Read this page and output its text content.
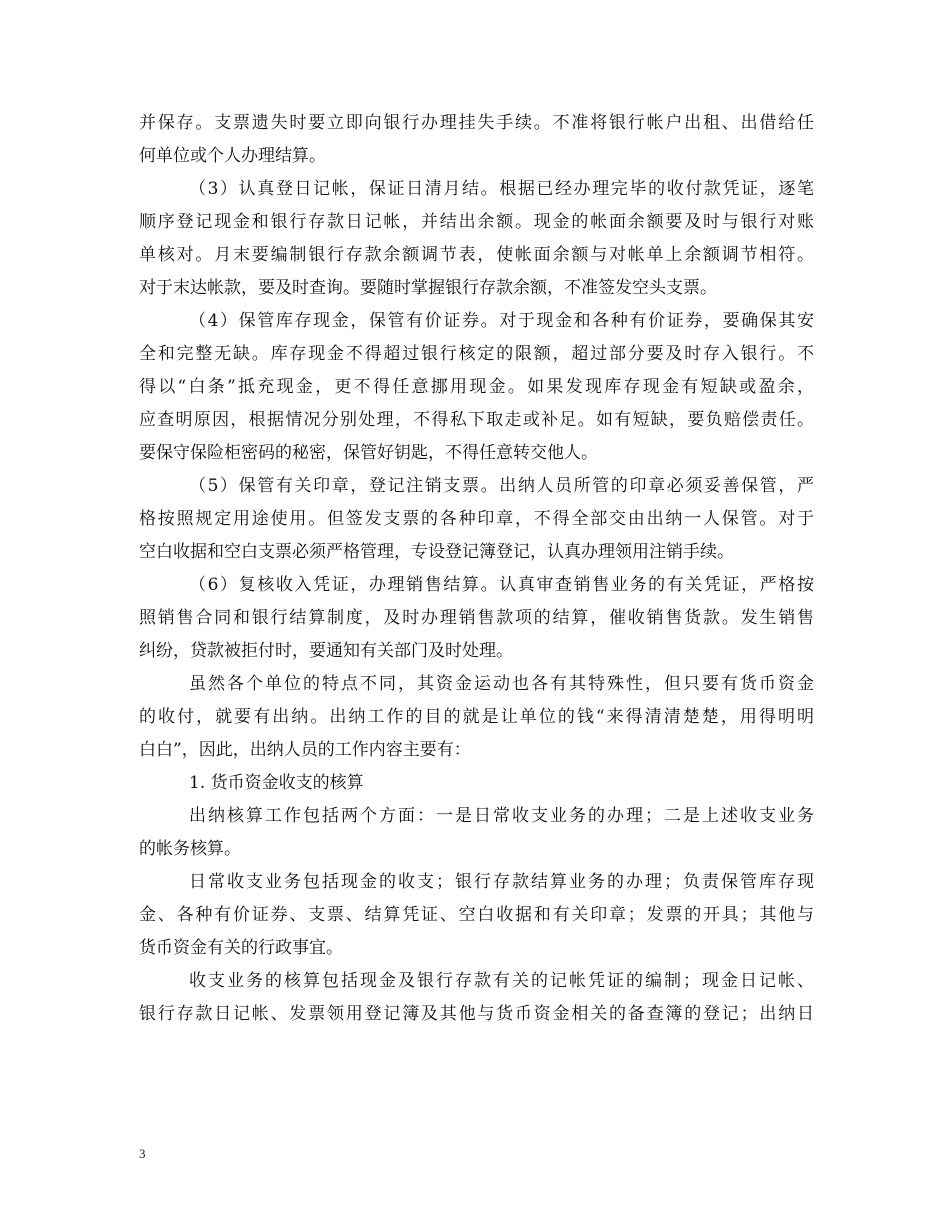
并保存。支票遗失时要立即向银行办理挂失手续。不准将银行帐户出租、出借给任
何单位或个人办理结算。
（3）认真登日记帐，保证日清月结。根据已经办理完毕的收付款凭证，逐笔
顺序登记现金和银行存款日记帐，并结出余额。现金的帐面余额要及时与银行对账
单核对。月末要编制银行存款余额调节表，使帐面余额与对帐单上余额调节相符。
对于末达帐款，要及时查询。要随时掌握银行存款余额，不准签发空头支票。
（4）保管库存现金，保管有价证券。对于现金和各种有价证券，要确保其安
全和完整无缺。库存现金不得超过银行核定的限额，超过部分要及时存入银行。不
得以“白条”抵充现金，更不得任意挪用现金。如果发现库存现金有短缺或盈余，
应查明原因，根据情况分别处理，不得私下取走或补足。如有短缺，要负赔偿责任。
要保守保险柜密码的秘密，保管好钥匙，不得任意转交他人。
（5）保管有关印章，登记注销支票。出纳人员所管的印章必须妥善保管，严
格按照规定用途使用。但签发支票的各种印章，不得全部交由出纳一人保管。对于
空白收据和空白支票必须严格管理，专设登记簿登记，认真办理领用注销手续。
（6）复核收入凭证，办理销售结算。认真审查销售业务的有关凭证，严格按
照销售合同和银行结算制度，及时办理销售款项的结算，催收销售货款。发生销售
纠纷，贷款被拒付时，要通知有关部门及时处理。
虽然各个单位的特点不同，其资金运动也各有其特殊性，但只要有货币资金
的收付，就要有出纳。出纳工作的目的就是让单位的钱“来得清清楚楚，用得明明
白白”，因此，出纳人员的工作内容主要有：
1. 货币资金收支的核算
出纳核算工作包括两个方面：一是日常收支业务的办理；二是上述收支业务
的帐务核算。
日常收支业务包括现金的收支；银行存款结算业务的办理；负责保管库存现
金、各种有价证券、支票、结算凭证、空白收据和有关印章；发票的开具；其他与
货币资金有关的行政事宜。
收支业务的核算包括现金及银行存款有关的记帐凭证的编制；现金日记帐、
银行存款日记帐、发票领用登记簿及其他与货币资金相关的备查簿的登记；出纳日
3
